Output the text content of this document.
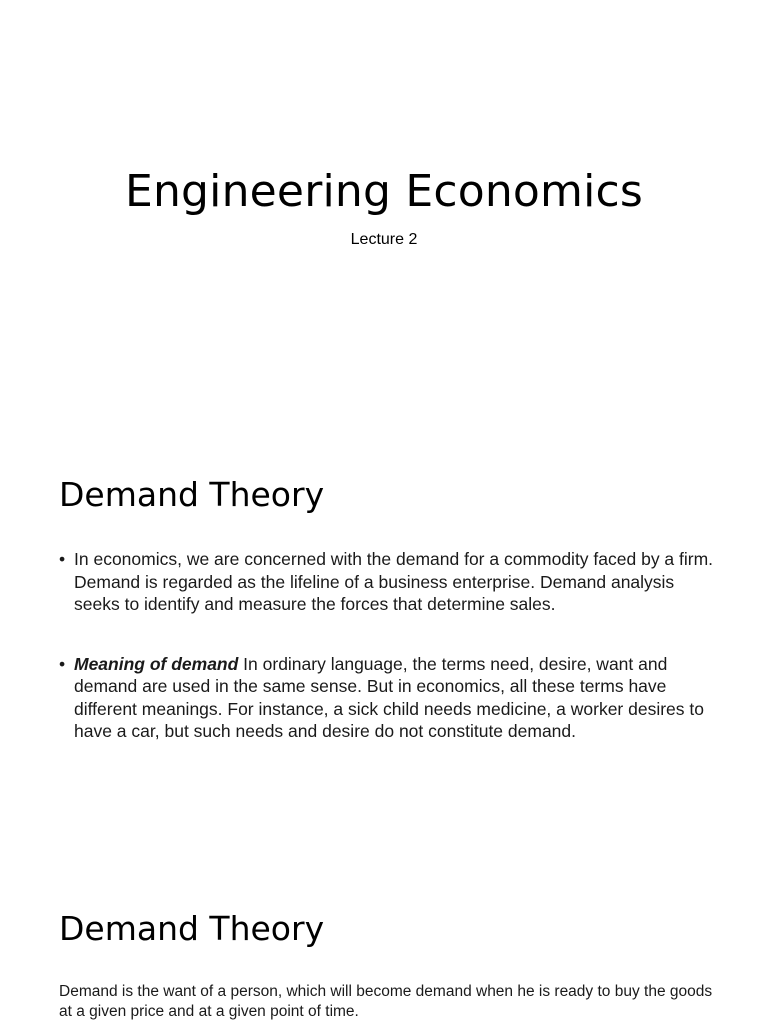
Engineering Economics

Lecture 2

Demand Theory
• In economics, we are concerned with the demand for a commodity faced by a firm. Demand is regarded as the lifeline of a business enterprise. Demand analysis seeks to identify and measure the forces that determine sales.
• Meaning of demand In ordinary language, the terms need, desire, want and demand are used in the same sense. But in economics, all these terms have different meanings. For instance, a sick child needs medicine, a worker desires to have a car, but such needs and desire do not constitute demand.
Demand Theory

Demand is the want of a person, which will become demand when he is ready to buy the goods at a given price and at a given point of time.
